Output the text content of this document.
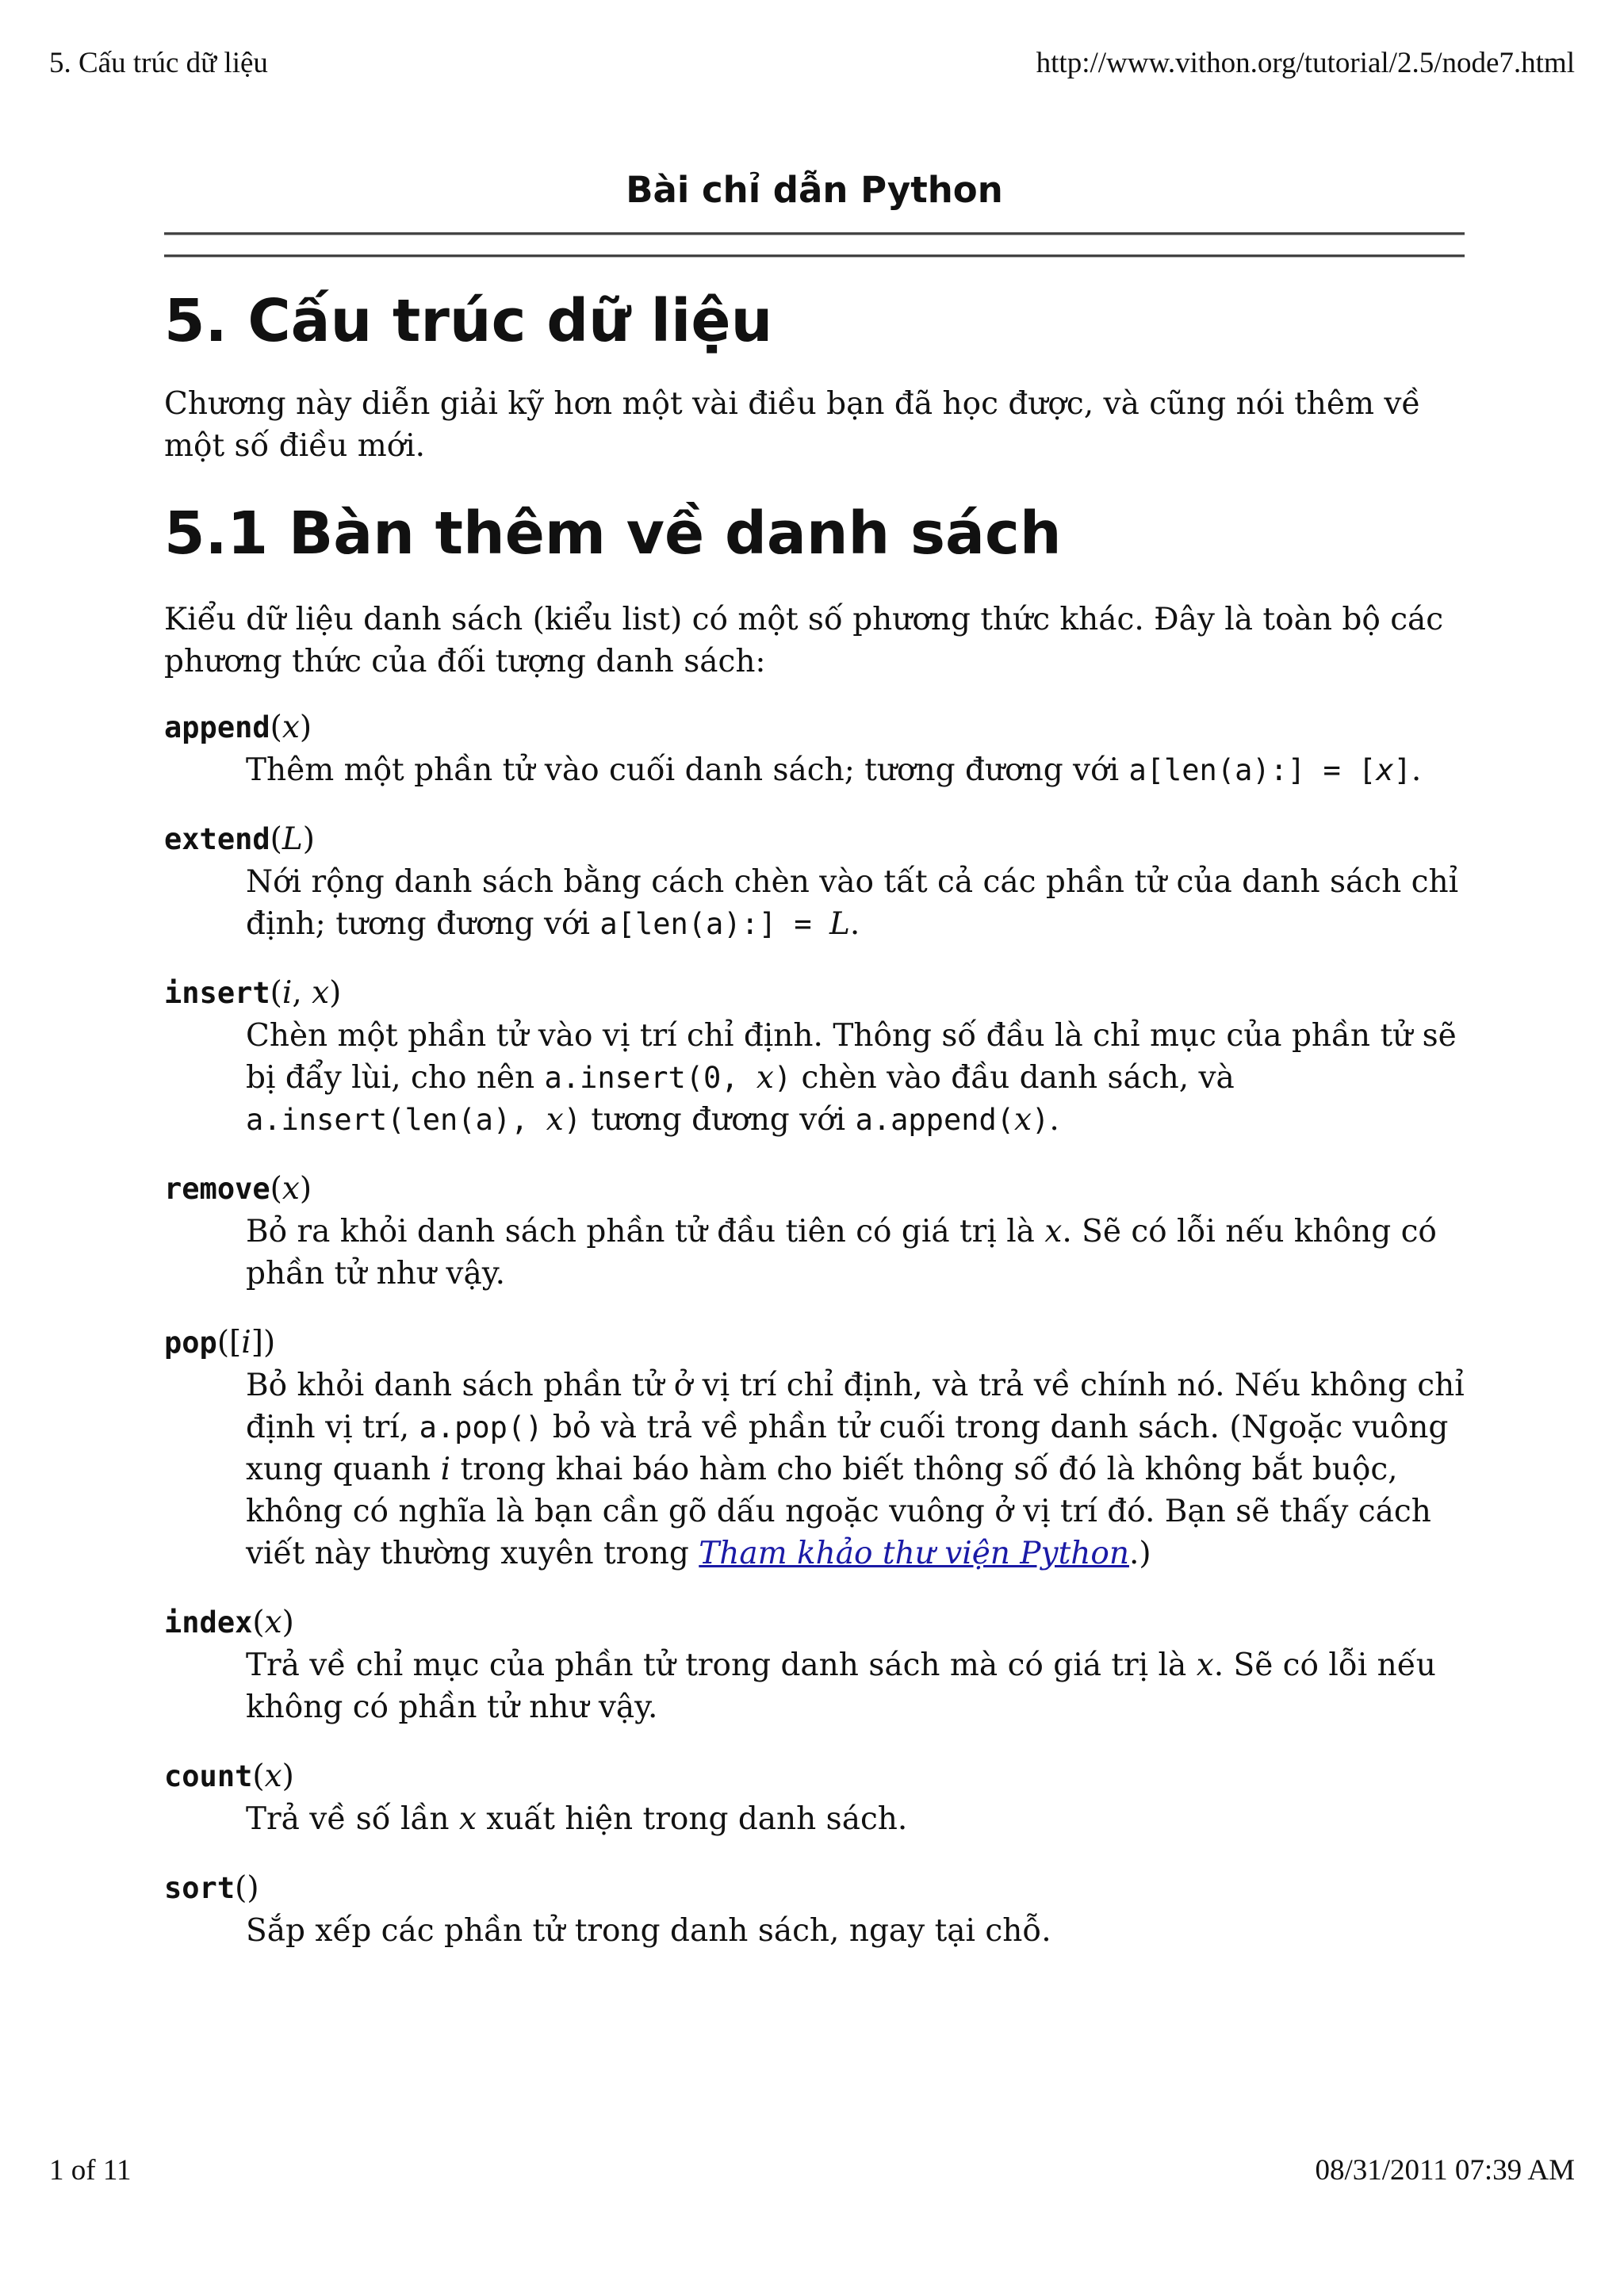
5. Cấu trúc dữ liệu	http://www.vithon.org/tutorial/2.5/node7.html
Bài chỉ dẫn Python
5. Cấu trúc dữ liệu

Chương này diễn giải kỹ hơn một vài điều bạn đã học được, và cũng nói thêm về một số điều mới.

5.1 Bàn thêm về danh sách

Kiểu dữ liệu danh sách (kiểu list) có một số phương thức khác. Đây là toàn bộ các phương thức của đối tượng danh sách:

append(x)
Thêm một phần tử vào cuối danh sách; tương đương với a[len(a):] = [x].
extend(L)
Nới rộng danh sách bằng cách chèn vào tất cả các phần tử của danh sách chỉ định; tương đương với a[len(a):] = L.
insert(i, x)
Chèn một phần tử vào vị trí chỉ định. Thông số đầu là chỉ mục của phần tử sẽ bị đẩy lùi, cho nên a.insert(0, x) chèn vào đầu danh sách, và a.insert(len(a), x) tương đương với a.append(x).
remove(x)
Bỏ ra khỏi danh sách phần tử đầu tiên có giá trị là x. Sẽ có lỗi nếu không có phần tử như vậy.
pop([i])
Bỏ khỏi danh sách phần tử ở vị trí chỉ định, và trả về chính nó. Nếu không chỉ định vị trí, a.pop() bỏ và trả về phần tử cuối trong danh sách. (Ngoặc vuông xung quanh i trong khai báo hàm cho biết thông số đó là không bắt buộc, không có nghĩa là bạn cần gõ dấu ngoặc vuông ở vị trí đó. Bạn sẽ thấy cách viết này thường xuyên trong Tham khảo thư viện Python.)
index(x)
Trả về chỉ mục của phần tử trong danh sách mà có giá trị là x. Sẽ có lỗi nếu không có phần tử như vậy.
count(x)
Trả về số lần x xuất hiện trong danh sách.
sort()
Sắp xếp các phần tử trong danh sách, ngay tại chỗ.
1 of 11	08/31/2011 07:39 AM
